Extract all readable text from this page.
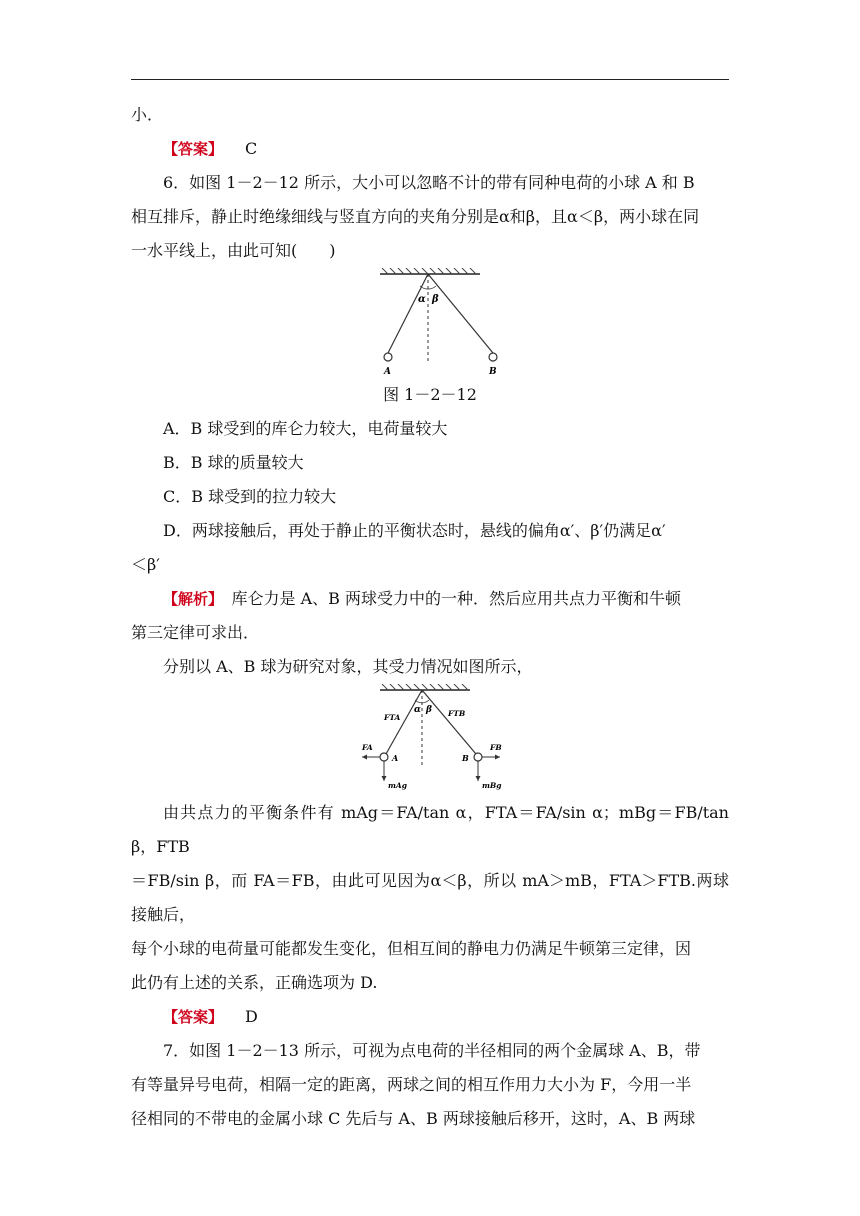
小．

【答案】 C

6．如图 1－2－12 所示，大小可以忽略不计的带有同种电荷的小球 A 和 B

相互排斥，静止时绝缘细线与竖直方向的夹角分别是α和β，且α＜β，两小球在同

一水平线上，由此可知(　　)

α β
A	B

图 1－2－12

A．B 球受到的库仑力较大，电荷量较大

B．B 球的质量较大

C．B 球受到的拉力较大

D．两球接触后，再处于静止的平衡状态时，悬线的偏角α′、β′仍满足α′

＜β′

【解析】　 库仑力是 A、B 两球受力中的一种．然后应用共点力平衡和牛顿

第三定律可求出．

分别以 A、B 球为研究对象，其受力情况如图所示，

α β
FTA	FTB
FA	FB
A	B
mAg	mBg

由共点力的平衡条件有 mAg＝FA/tan α，FTA＝FA/sin α；mBg＝FB/tan β，FTB

＝FB/sin β，而 FA＝FB，由此可见因为α＜β，所以 mA＞mB，FTA＞FTB.两球接触后，

每个小球的电荷量可能都发生变化，但相互间的静电力仍满足牛顿第三定律，因

此仍有上述的关系，正确选项为 D.

【答案】 D

7．如图 1－2－13 所示，可视为点电荷的半径相同的两个金属球 A、B，带

有等量异号电荷，相隔一定的距离，两球之间的相互作用力大小为 F，今用一半

径相同的不带电的金属小球 C 先后与 A、B 两球接触后移开，这时，A、B 两球
